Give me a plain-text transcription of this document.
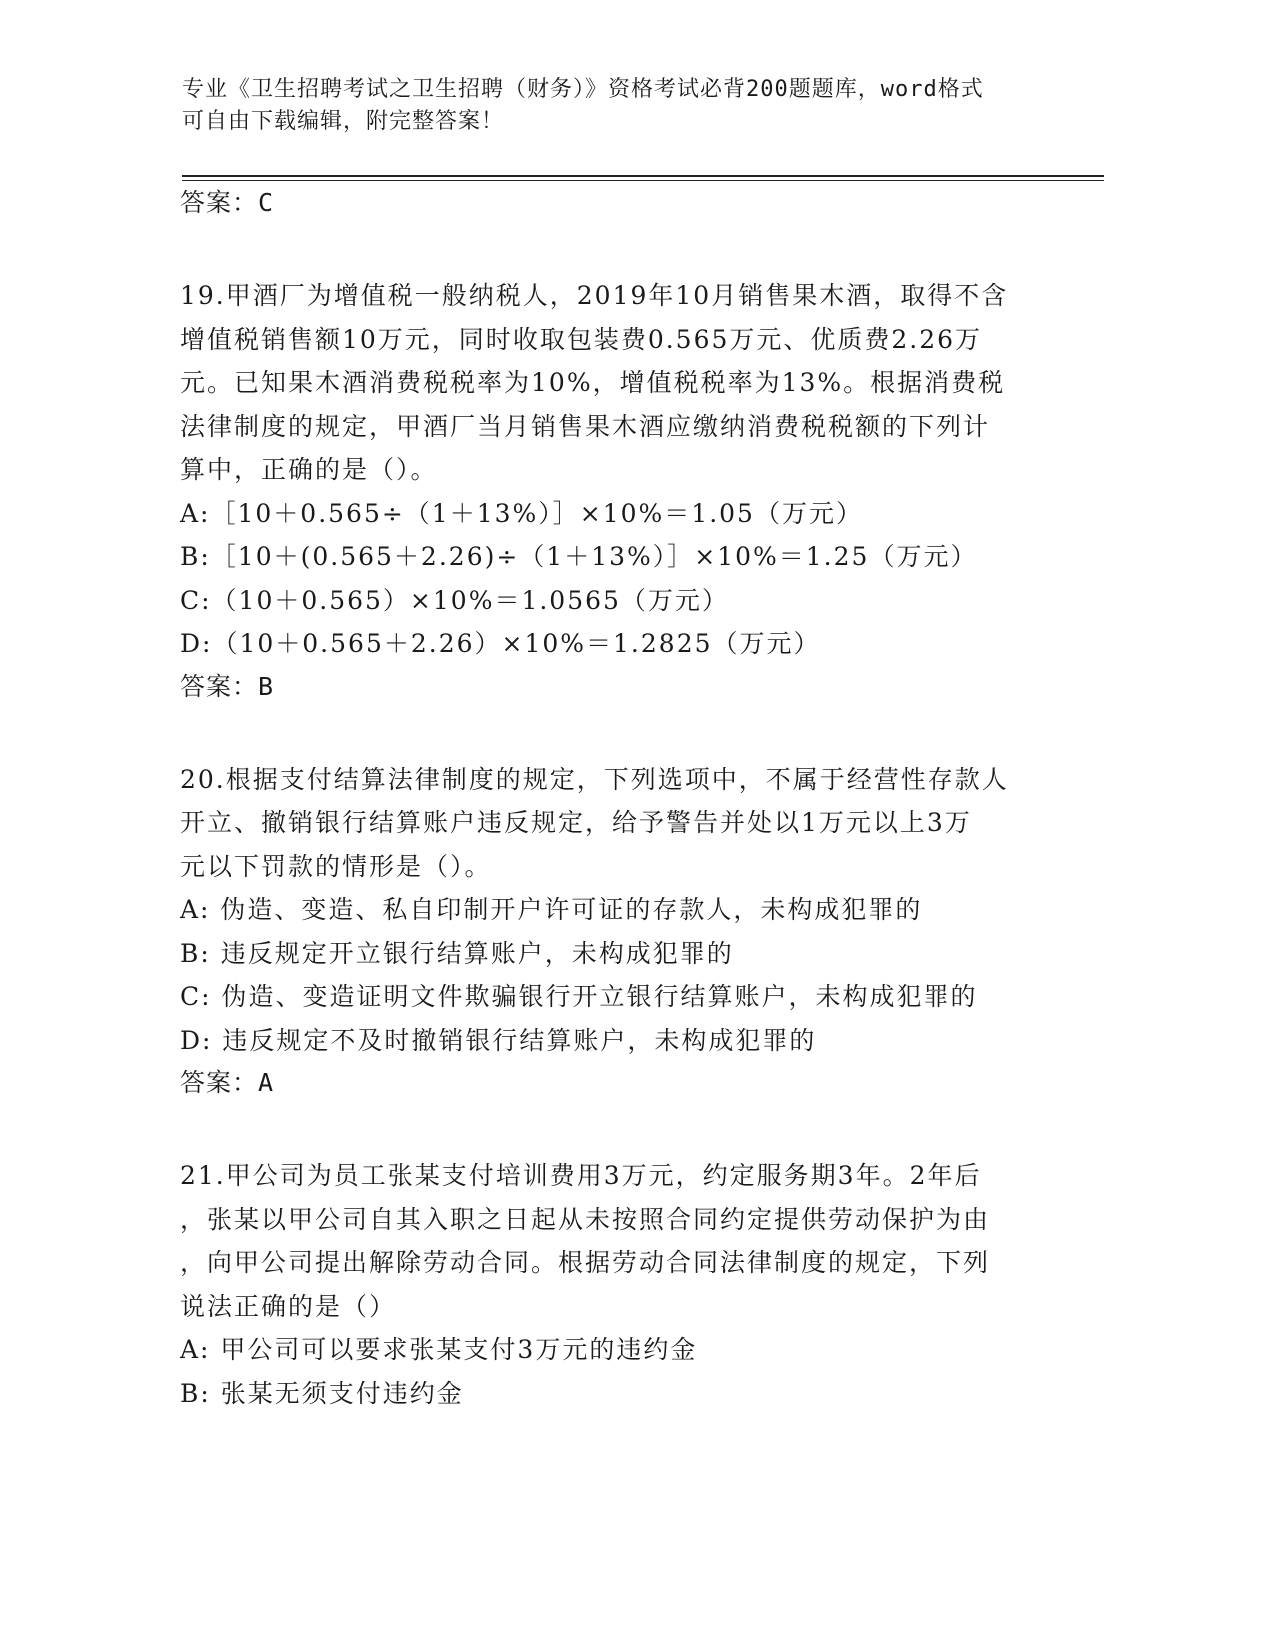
专业《卫生招聘考试之卫生招聘（财务）》资格考试必背200题题库，word格式
可自由下载编辑，附完整答案！
答案：C
19.甲酒厂为增值税一般纳税人，2019年10月销售果木酒，取得不含
增值税销售额10万元，同时收取包装费0.565万元、优质费2.26万
元。已知果木酒消费税税率为10%，增值税税率为13%。根据消费税
法律制度的规定，甲酒厂当月销售果木酒应缴纳消费税税额的下列计
算中，正确的是（）。
A:［10＋0.565÷（1＋13%）］×10%＝1.05（万元）
B:［10＋(0.565＋2.26)÷（1＋13%）］×10%＝1.25（万元）
C:（10＋0.565）×10%＝1.0565（万元）
D:（10＋0.565＋2.26）×10%＝1.2825（万元）
答案：B
20.根据支付结算法律制度的规定，下列选项中，不属于经营性存款人
开立、撤销银行结算账户违反规定，给予警告并处以1万元以上3万
元以下罚款的情形是（）。
A: 伪造、变造、私自印制开户许可证的存款人，未构成犯罪的
B: 违反规定开立银行结算账户，未构成犯罪的
C: 伪造、变造证明文件欺骗银行开立银行结算账户，未构成犯罪的
D: 违反规定不及时撤销银行结算账户，未构成犯罪的
答案：A
21.甲公司为员工张某支付培训费用3万元，约定服务期3年。2年后
，张某以甲公司自其入职之日起从未按照合同约定提供劳动保护为由
，向甲公司提出解除劳动合同。根据劳动合同法律制度的规定，下列
说法正确的是（）
A: 甲公司可以要求张某支付3万元的违约金
B: 张某无须支付违约金
